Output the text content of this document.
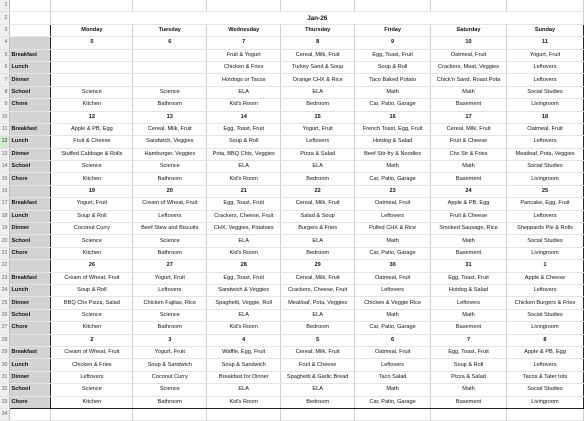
1								
2		Jan-26						
3		Monday	Tuesday	Wednesday	Thursday	Friday	Saturday	Sunday
4		5	6	7	8	9	10	11
5	Breakfast			Fruit & Yogurt	Cereal, Milk, Fruit	Egg, Toast, Fruit	Oatmeal, Fruit	Yogurt, Fruit
6	Lunch			Chicken & Fries	Turkey Sand & Soup	Soup & Roll	Crackers, Meat, Veggies	Leftovers
7	Dinner			Hotdogs or Tacos	Orange CHX & Rice	Taco Baked Potato	Chick'n Sand, Roast Pota	Leftovers
8	School	Science	Science	ELA	ELA	Math	Math	Social Studies
9	Chore	Kitchen	Bathroom	Kid's Room	Bedroom	Car, Patio, Garage	Basement	Livingroom
10		12	13	14	15	16	17	18
11	Breakfast	Apple & PB, Egg	Cereal, Milk, Fruit	Egg, Toast, Fruit	Yogurt, Fruit	French Toast, Egg, Fruit	Cereal, Milk, Fruit	Oatmeal, Fruit
12	Lunch	Fruit & Cheese	Sandwich, Veggies	Soup & Roll	Leftovers	Hotdog & Salad	Fruit & Cheese	Leftovers
13	Dinner	Stuffed Cabbage & Rolls	Hamburger, Veggies	Pota, BBQ Chix, Veggies	Pizza & Salad	Beef Stir-fry & Noodles	Chx Str & Fries	Meatloaf, Pota, Veggies
14	School	Science	Science	ELA	ELA	Math	Math	Social Studies
15	Chore	Kitchen	Bathroom	Kid's Room	Bedroom	Car, Patio, Garage	Basement	Livingroom
16		19	20	21	22	23	24	25
17	Breakfast	Yogurt, Fruit	Cream of Wheat, Fruit	Egg, Toast, Fruit	Cereal, Milk, Fruit	Oatmeal, Fruit	Apple & PB, Egg	Pancake, Egg, Fruit
18	Lunch	Soup & Roll	Leftovers	Crackers, Cheese, Fruit	Salad & Soup	Leftovers	Fruit & Cheese	Leftovers
19	Dinner	Coconut Curry	Beef Stew and Biscuits	CHX, Veggies, Potatoes	Burgers & Fries	Pulled CHX & Rice	Smoked Sausage, Rice	Sheppards Pie & Rolls
20	School	Science	Science	ELA	ELA	Math	Math	Social Studies
21	Chore	Kitchen	Bathroom	Kid's Room	Bedroom	Car, Patio, Garage	Basement	Livingroom
22		26	27	28	29	30	31	1
23	Breakfast	Cream of Wheat, Fruit	Yogurt, Fruit	Egg, Toast, Fruit	Cereal, Milk, Fruit	Oatmeal, Fruit	Egg, Toast, Fruit	Apple & Cheese
24	Lunch	Soup & Roll	Leftovers	Sandwich & Veggies	Crackers, Cheese, Fruit	Leftovers	Hotdog & Salad	Leftovers
25	Dinner	BBQ Chx Pizza, Salad	Chicken Fajitas, Rice	Spaghetti, Veggie, Roll	Meatloaf, Pota, Veggies	Chicken & Veggie Rice	Leftovers	Chicken Burgers & Fries
26	School	Science	Science	ELA	ELA	Math	Math	Social Studies
27	Chore	Kitchen	Bathroom	Kid's Room	Bedroom	Car, Patio, Garage	Basement	Livingroom
28		2	3	4	5	6	7	8
29	Breakfast	Cream of Wheat, Fruit	Yogurt, Fruit	Waffle, Egg, Fruit	Cereal, Milk, Fruit	Oatmeal, Fruit	Egg, Toast, Fruit	Apple & PB, Egg
30	Lunch	Chicken & Fries	Soup & Sandwich	Soup & Sandwich	Fruit & Cheese	Leftovers	Soup & Roll	Leftovers
31	Dinner	Leftovers	Coconut Curry	Breakfast for Dinner	Spaghetti & Garlic Bread	Taco Salad	Pizza & Salad	Tacos & Tater tots
32	School	Science	Science	ELA	ELA	Math	Math	Social Studies
33	Chore	Kitchen	Bathroom	Kid's Room	Bedroom	Car, Patio, Garage	Basement	Livingroom
34								
